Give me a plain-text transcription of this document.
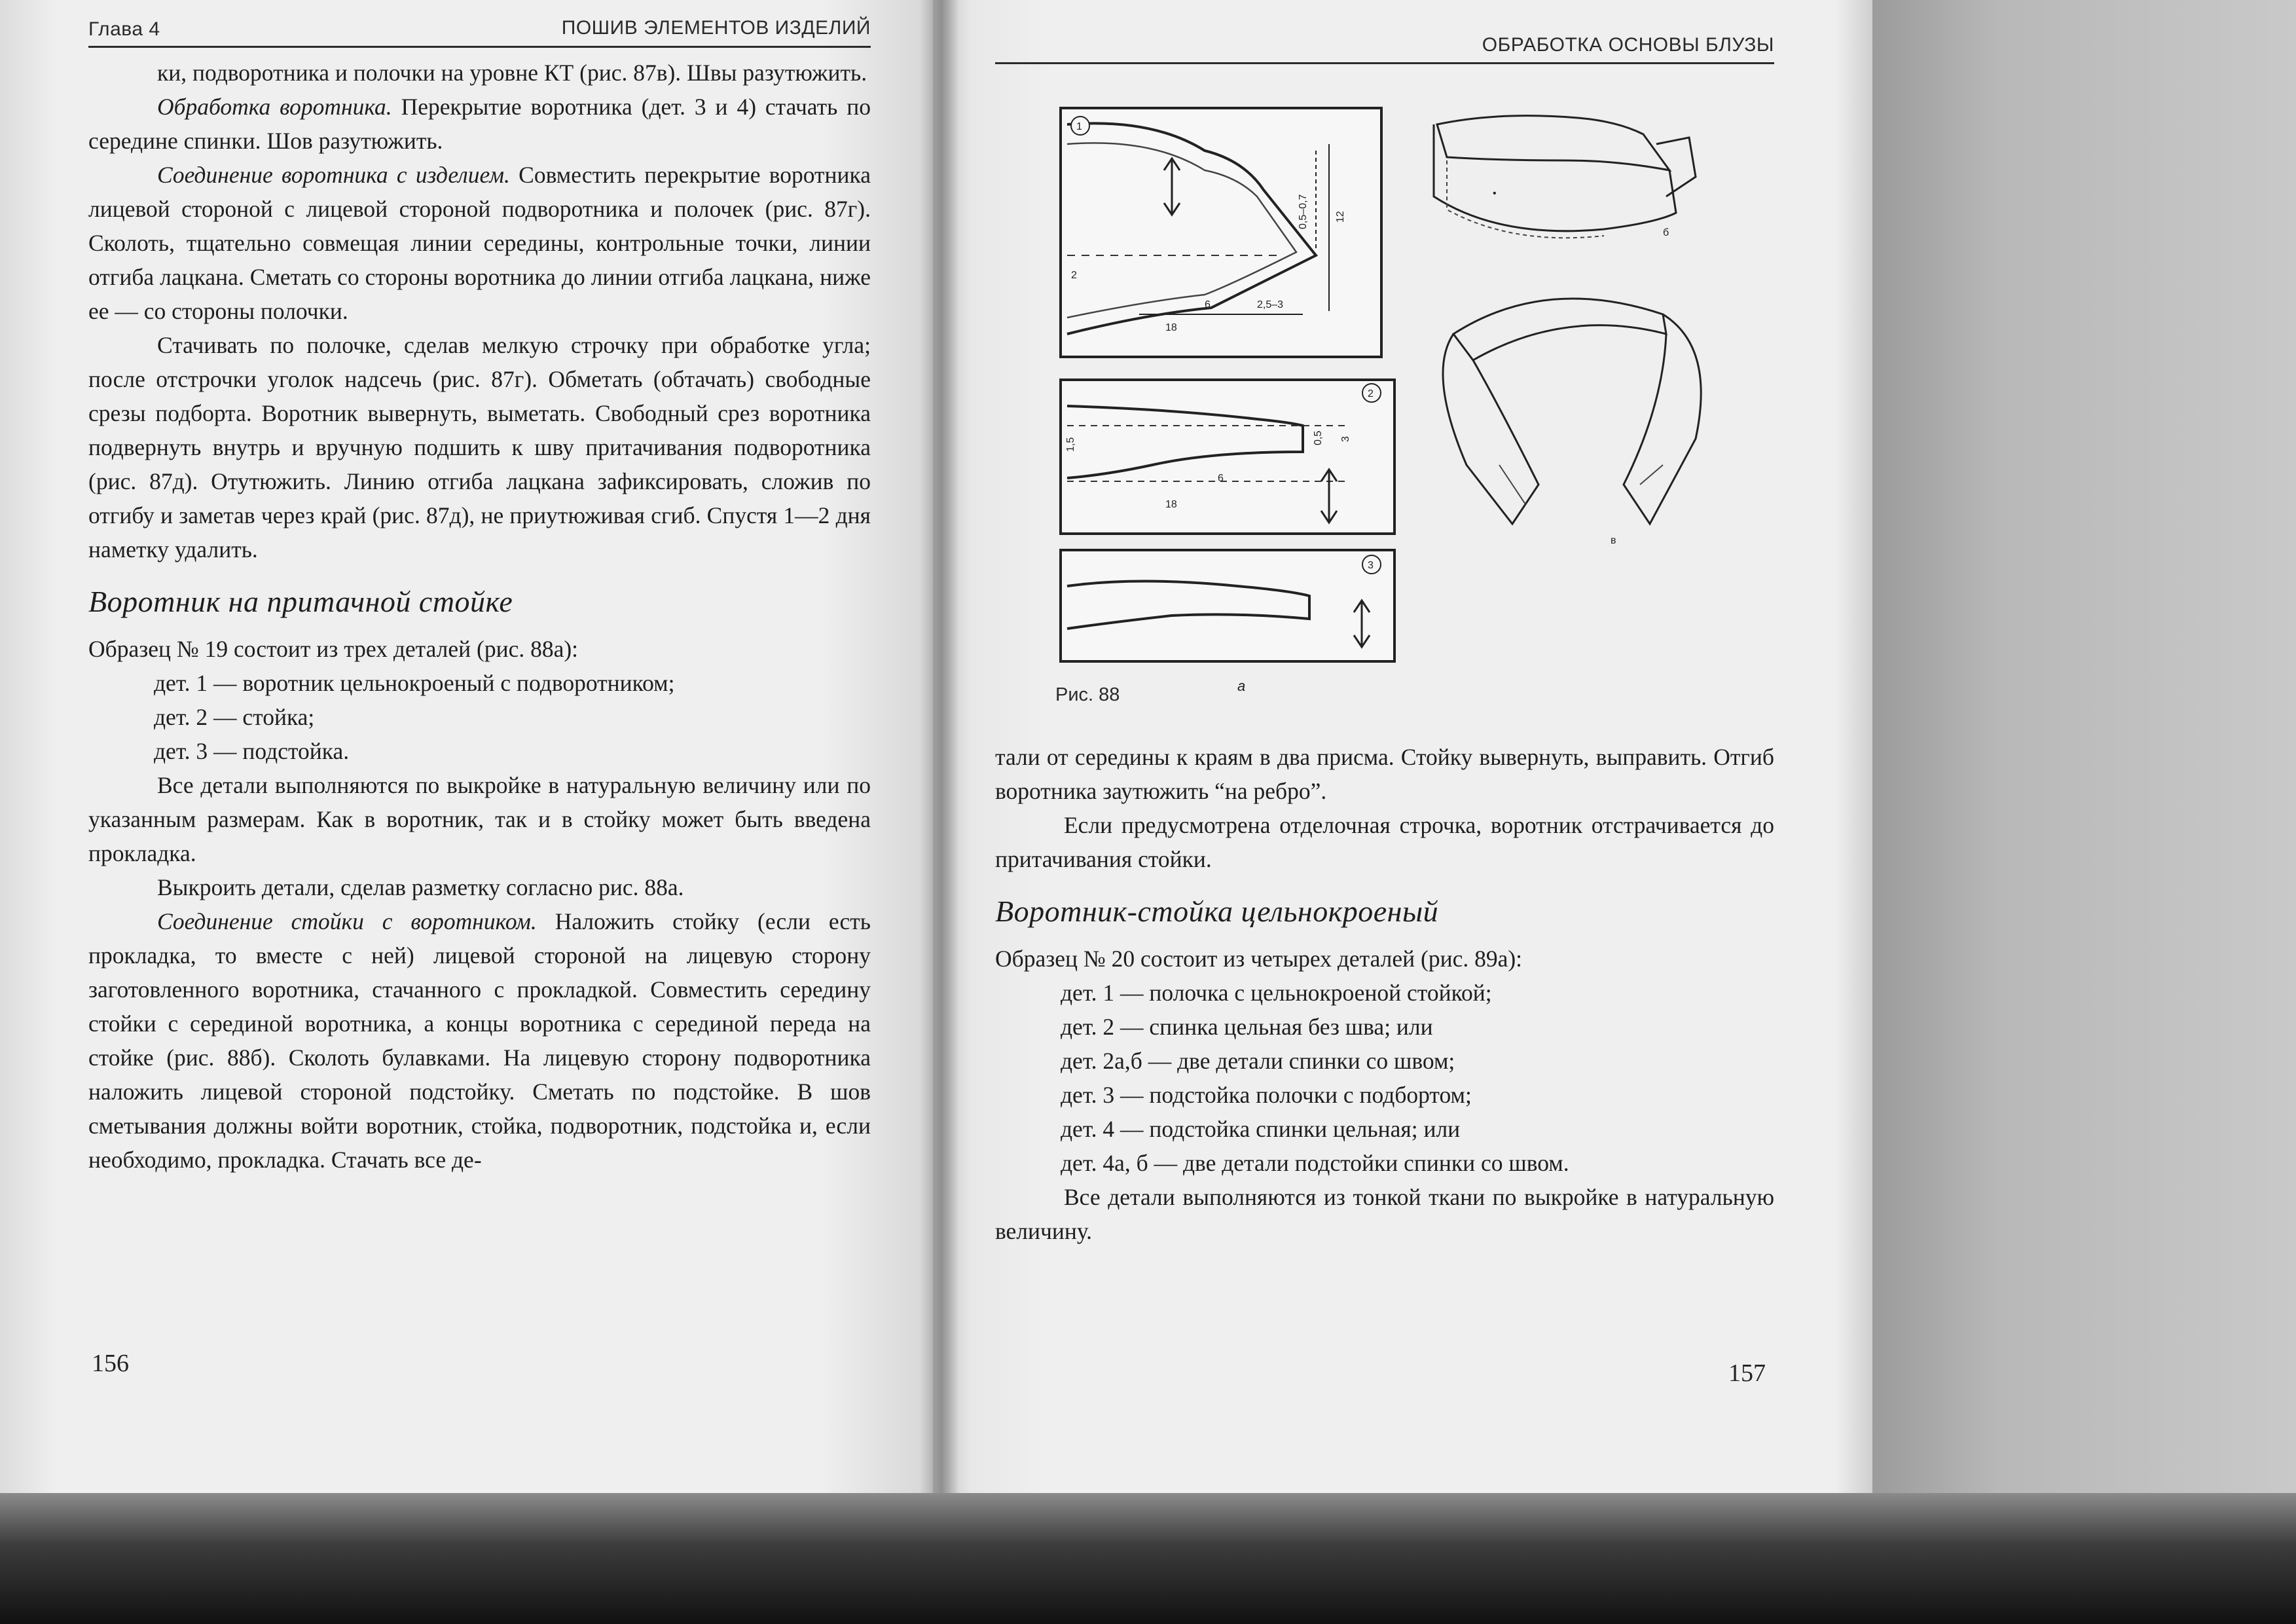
Глава 4	ПОШИВ ЭЛЕМЕНТОВ ИЗДЕЛИЙ

ки, подворотника и полочки на уровне КТ (рис. 87в). Швы разутюжить.

Обработка воротника. Перекрытие воротника (дет. 3 и 4) стачать по середине спинки. Шов разутюжить.

Соединение воротника с изделием. Совместить перекрытие воротника лицевой стороной с лицевой стороной подворотника и полочек (рис. 87г). Сколоть, тщательно совмещая линии середины, контрольные точки, линии отгиба лацкана. Сметать со стороны воротника до линии отгиба лацкана, ниже ее — со стороны полочки.

Стачивать по полочке, сделав мелкую строчку при обработке угла; после отстрочки уголок надсечь (рис. 87г). Обметать (обтачать) свободные срезы подборта. Воротник вывернуть, выметать. Свободный срез воротника подвернуть внутрь и вручную подшить к шву притачивания подворотника (рис. 87д). Отутюжить. Линию отгиба лацкана зафиксировать, сложив по отгибу и заметав через край (рис. 87д), не приутюживая сгиб. Спустя 1—2 дня наметку удалить.

Воротник на притачной стойке

Образец № 19 состоит из трех деталей (рис. 88а):

дет. 1 — воротник цельнокроеный с подворотником;

дет. 2 — стойка;

дет. 3 — подстойка.

Все детали выполняются по выкройке в натуральную величину или по указанным размерам. Как в воротник, так и в стойку может быть введена прокладка.

Выкроить детали, сделав разметку согласно рис. 88а.

Соединение стойки с воротником. Наложить стойку (если есть прокладка, то вместе с ней) лицевой стороной на лицевую сторону заготовленного воротника, стачанного с прокладкой. Совместить середину стойки с серединой воротника, а концы воротника с серединой переда на стойке (рис. 88б). Сколоть булавками. На лицевую сторону подворотника наложить лицевой стороной подстойку. Сметать по подстойке. В шов сметывания должны войти воротник, стойка, подворотник, подстойка и, если необходимо, прокладка. Стачать все де-

156
ОБРАБОТКА ОСНОВЫ БЛУЗЫ
0,5–0,7	12
6	2,5–3
18
2
1
0,5 3
6
18
1,5
2
3
•
б
в
а
Рис. 88

тали от середины к краям в два присма. Стойку вывернуть, выправить. Отгиб воротника заутюжить “на ребро”.

Если предусмотрена отделочная строчка, воротник отстрачивается до притачивания стойки.

Воротник-стойка цельнокроеный

Образец № 20 состоит из четырех деталей (рис. 89а):

дет. 1 — полочка с цельнокроеной стойкой;

дет. 2 — спинка цельная без шва; или

дет. 2а,б — две детали спинки со швом;

дет. 3 — подстойка полочки с подбортом;

дет. 4 — подстойка спинки цельная; или

дет. 4а, б — две детали подстойки спинки со швом.

Все детали выполняются из тонкой ткани по выкройке в натуральную величину.

157
